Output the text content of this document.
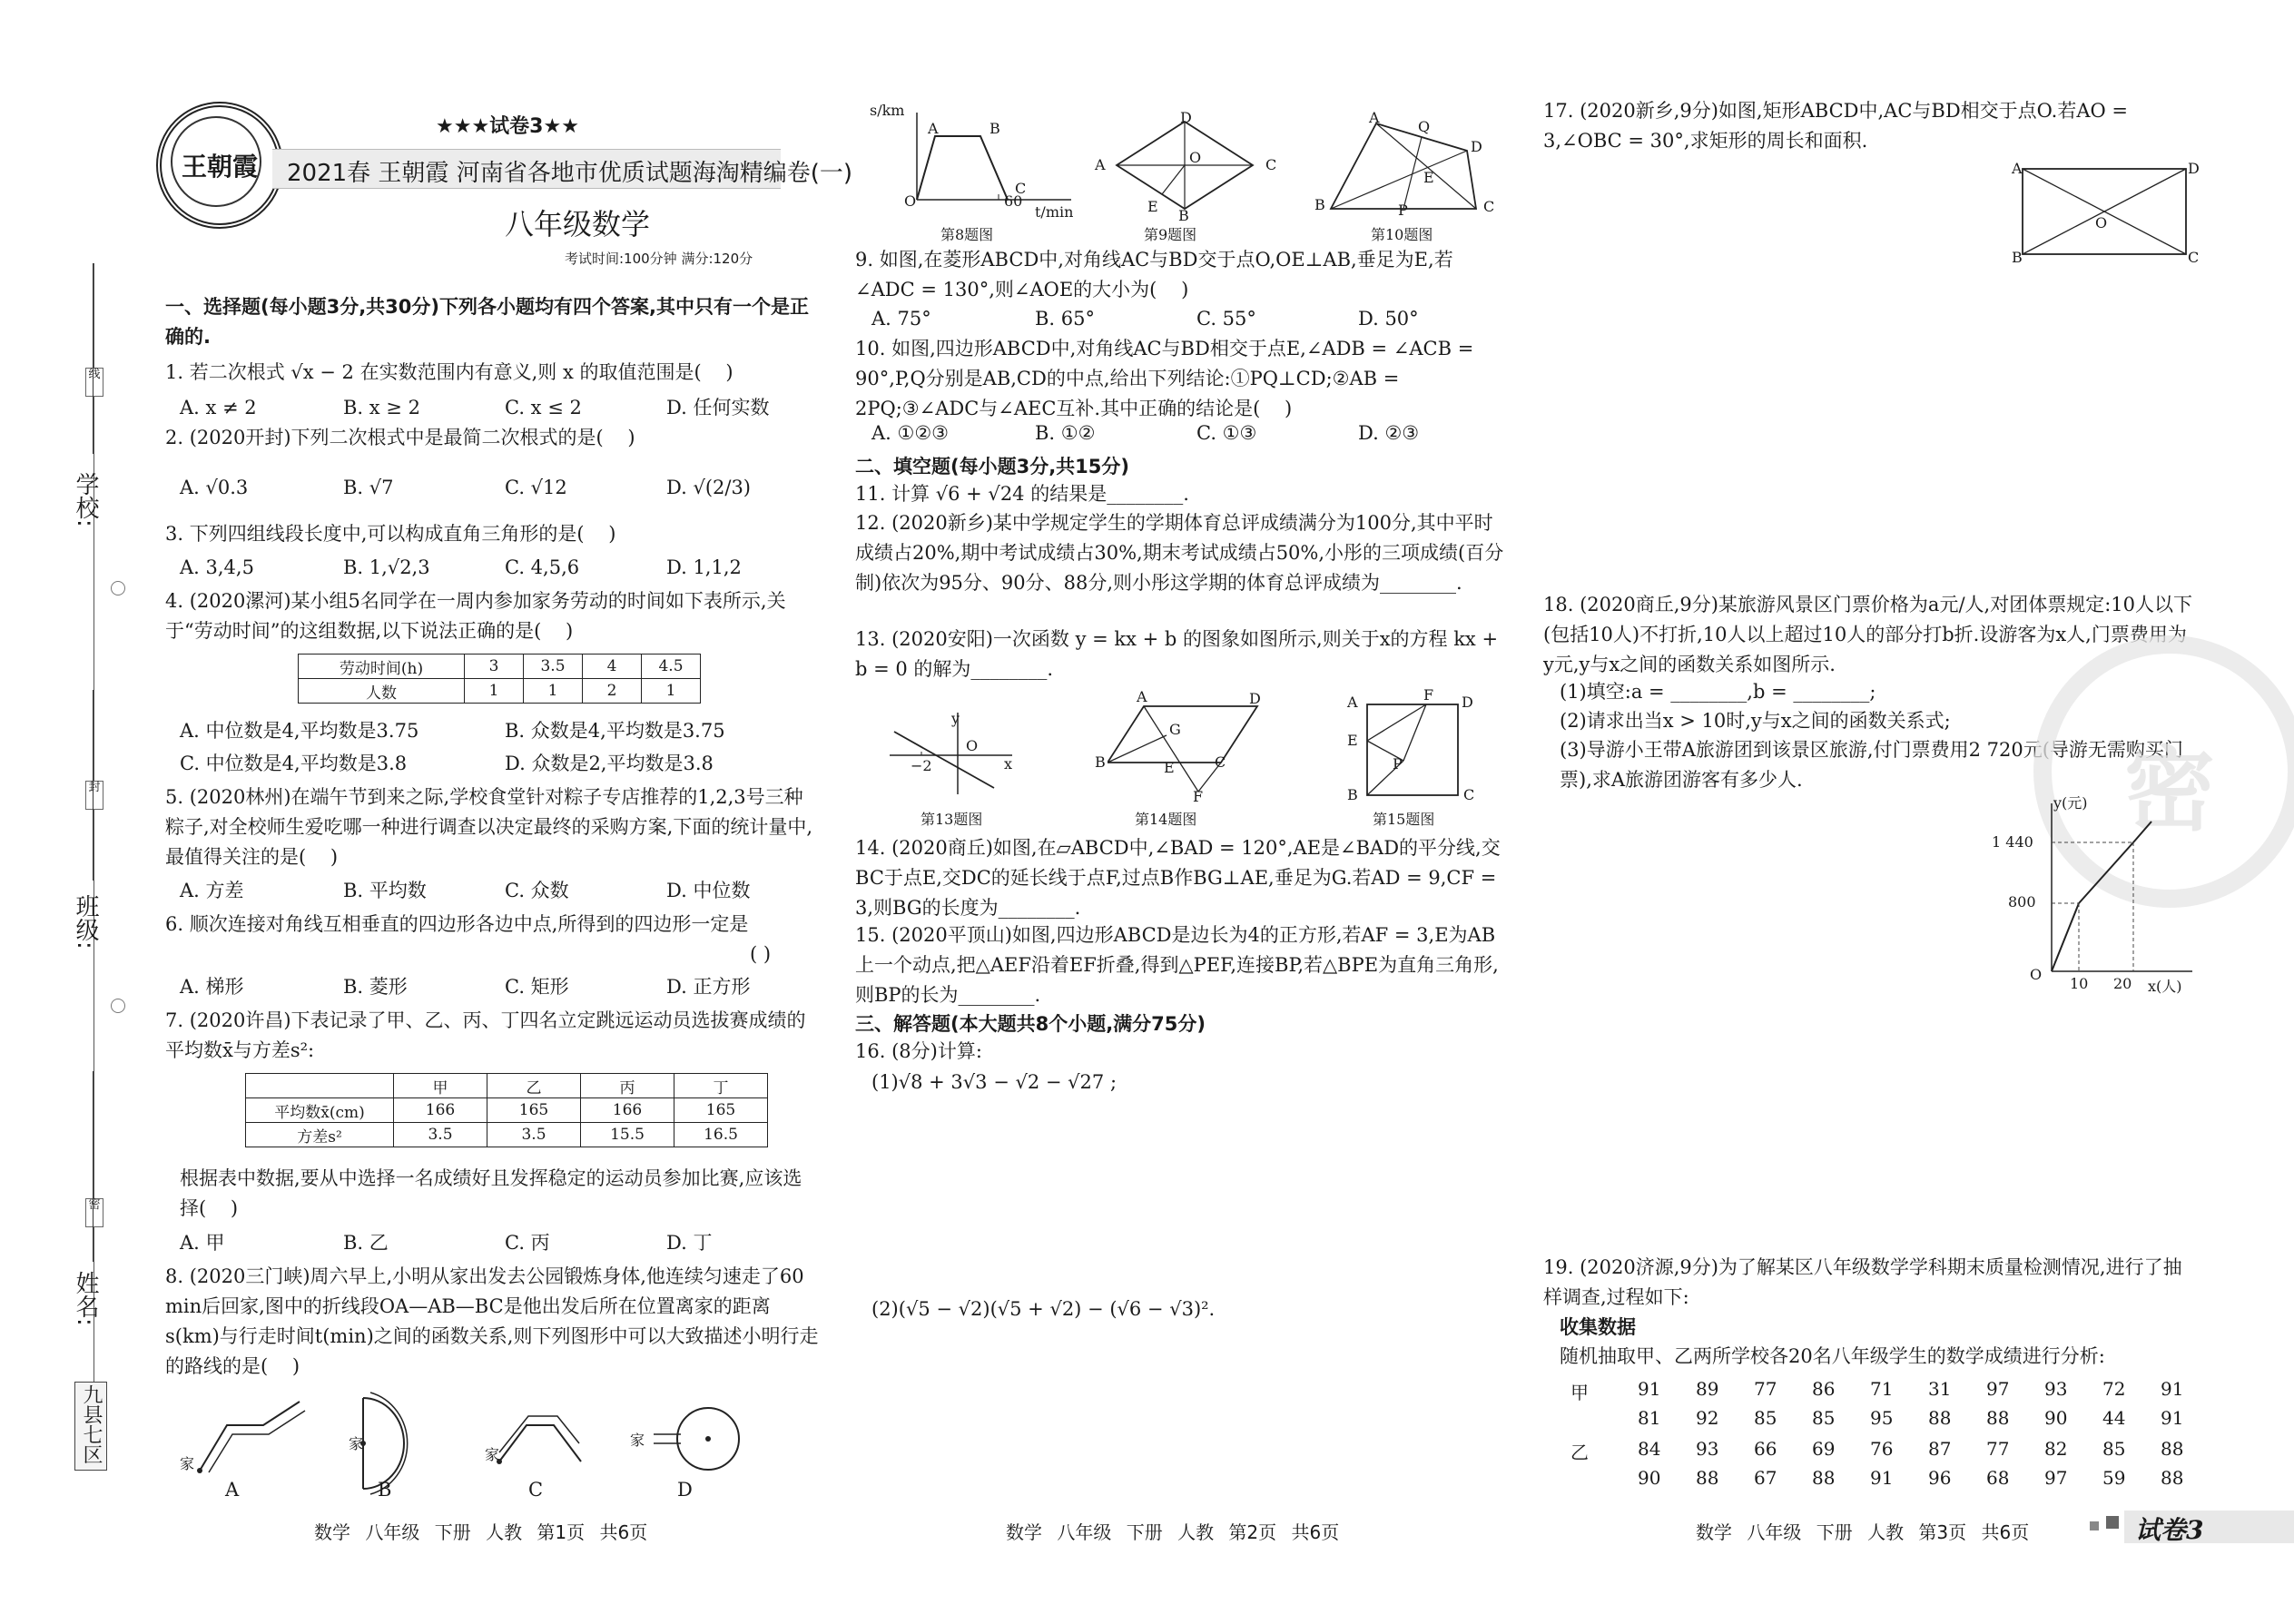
线
封
密
学校:
班级:
姓名:
九县七区
王朝霞
★★★试卷3★★
2021春 王朝霞 河南省各地市优质试题海淘精编卷(一)
八年级数学
考试时间:100分钟 满分:120分
一、选择题(每小题3分,共30分)下列各小题均有四个答案,其中只有一个是正确的.
1. 若二次根式 √x − 2 在实数范围内有意义,则 x 的取值范围是(    )
A. x ≠ 2	B. x ≥ 2	C. x ≤ 2	D. 任何实数
2. (2020开封)下列二次根式中是最简二次根式的是(    )
A. √0.3	B. √7	C. √12	D. √(2/3)
3. 下列四组线段长度中,可以构成直角三角形的是(    )
A. 3,4,5	B. 1,√2,3	C. 4,5,6	D. 1,1,2
4. (2020漯河)某小组5名同学在一周内参加家务劳动的时间如下表所示,关于“劳动时间”的这组数据,以下说法正确的是(    )
劳动时间(h)	3	3.5	4	4.5
人数	1	1	2	1
A. 中位数是4,平均数是3.75	B. 众数是4,平均数是3.75
C. 中位数是4,平均数是3.8	D. 众数是2,平均数是3.8
5. (2020林州)在端午节到来之际,学校食堂针对粽子专店推荐的1,2,3号三种粽子,对全校师生爱吃哪一种进行调查以决定最终的采购方案,下面的统计量中,最值得关注的是(    )
A. 方差	B. 平均数	C. 众数	D. 中位数
6. 顺次连接对角线互相垂直的四边形各边中点,所得到的四边形一定是
( )
A. 梯形	B. 菱形	C. 矩形	D. 正方形
7. (2020许昌)下表记录了甲、乙、丙、丁四名立定跳远运动员选拔赛成绩的平均数x̄与方差s²:
	甲	乙	丙	丁
平均数x̄(cm)	166	165	166	165
方差s²	3.5	3.5	15.5	16.5
根据表中数据,要从中选择一名成绩好且发挥稳定的运动员参加比赛,应该选择(    )
A. 甲	B. 乙	C. 丙	D. 丁
8. (2020三门峡)周六早上,小明从家出发去公园锻炼身体,他连续匀速走了60 min后回家,图中的折线段OA—AB—BC是他出发后所在位置离家的距离s(km)与行走时间t(min)之间的函数关系,则下列图形中可以大致描述小明行走的路线的是(    )
家
家
家
家
A	B	C	D
数学 八年级 下册 人教 第1页 共6页
s/km
t/min
60
A	B
C
O
第8题图
D
A	C
B
O
E
第9题图
A
Q
D
B	P	C
E
第10题图
9. 如图,在菱形ABCD中,对角线AC与BD交于点O,OE⊥AB,垂足为E,若∠ADC = 130°,则∠AOE的大小为(    )
A. 75°	B. 65°	C. 55°	D. 50°
10. 如图,四边形ABCD中,对角线AC与BD相交于点E,∠ADB = ∠ACB = 90°,P,Q分别是AB,CD的中点,给出下列结论:①PQ⊥CD;②AB = 2PQ;③∠ADC与∠AEC互补.其中正确的结论是(    )
A. ①②③	B. ①②	C. ①③	D. ②③
二、填空题(每小题3分,共15分)
11. 计算 √6 + √24 的结果是________.
12. (2020新乡)某中学规定学生的学期体育总评成绩满分为100分,其中平时成绩占20%,期中考试成绩占30%,期末考试成绩占50%,小彤的三项成绩(百分制)依次为95分、90分、88分,则小彤这学期的体育总评成绩为________.
13. (2020安阳)一次函数 y = kx + b 的图象如图所示,则关于x的方程 kx + b = 0 的解为________.
−2
O
x
y
第13题图
A	D
B	C
G
E
F
第14题图
A	F D
E
P
B	C
第15题图
14. (2020商丘)如图,在▱ABCD中,∠BAD = 120°,AE是∠BAD的平分线,交BC于点E,交DC的延长线于点F,过点B作BG⊥AE,垂足为G.若AD = 9,CF = 3,则BG的长度为________.
15. (2020平顶山)如图,四边形ABCD是边长为4的正方形,若AF = 3,E为AB上一个动点,把△AEF沿着EF折叠,得到△PEF,连接BP,若△BPE为直角三角形,则BP的长为________.
三、解答题(本大题共8个小题,满分75分)
16. (8分)计算:
(1)√8 + 3√3 − √2 − √27 ;
(2)(√5 − √2)(√5 + √2) − (√6 − √3)².
数学 八年级 下册 人教 第2页 共6页
17. (2020新乡,9分)如图,矩形ABCD中,AC与BD相交于点O.若AO = 3,∠OBC = 30°,求矩形的周长和面积.
A	D
B	C
O
18. (2020商丘,9分)某旅游风景区门票价格为a元/人,对团体票规定:10人以下(包括10人)不打折,10人以上超过10人的部分打b折.设游客为x人,门票费用为y元,y与x之间的函数关系如图所示.
(1)填空:a = ________,b = ________;
(2)请求出当x > 10时,y与x之间的函数关系式;
(3)导游小王带A旅游团到该景区旅游,付门票费用2 720元(导游无需购买门票),求A旅游团游客有多少人.	密
y(元)
x(人)
1 440
800
10 20
O
19. (2020济源,9分)为了解某区八年级数学学科期末质量检测情况,进行了抽样调查,过程如下:
收集数据
随机抽取甲、乙两所学校各20名八年级学生的数学成绩进行分析:
甲
乙
91 89 77 86 71 31 97 93 72 91
81 92 85 85 95 88 88 90 44 91
84 93 66 69 76 87 77 82 85 88
90 88 67 88 91 96 68 97 59 88
数学 八年级 下册 人教 第3页 共6页	试卷3
